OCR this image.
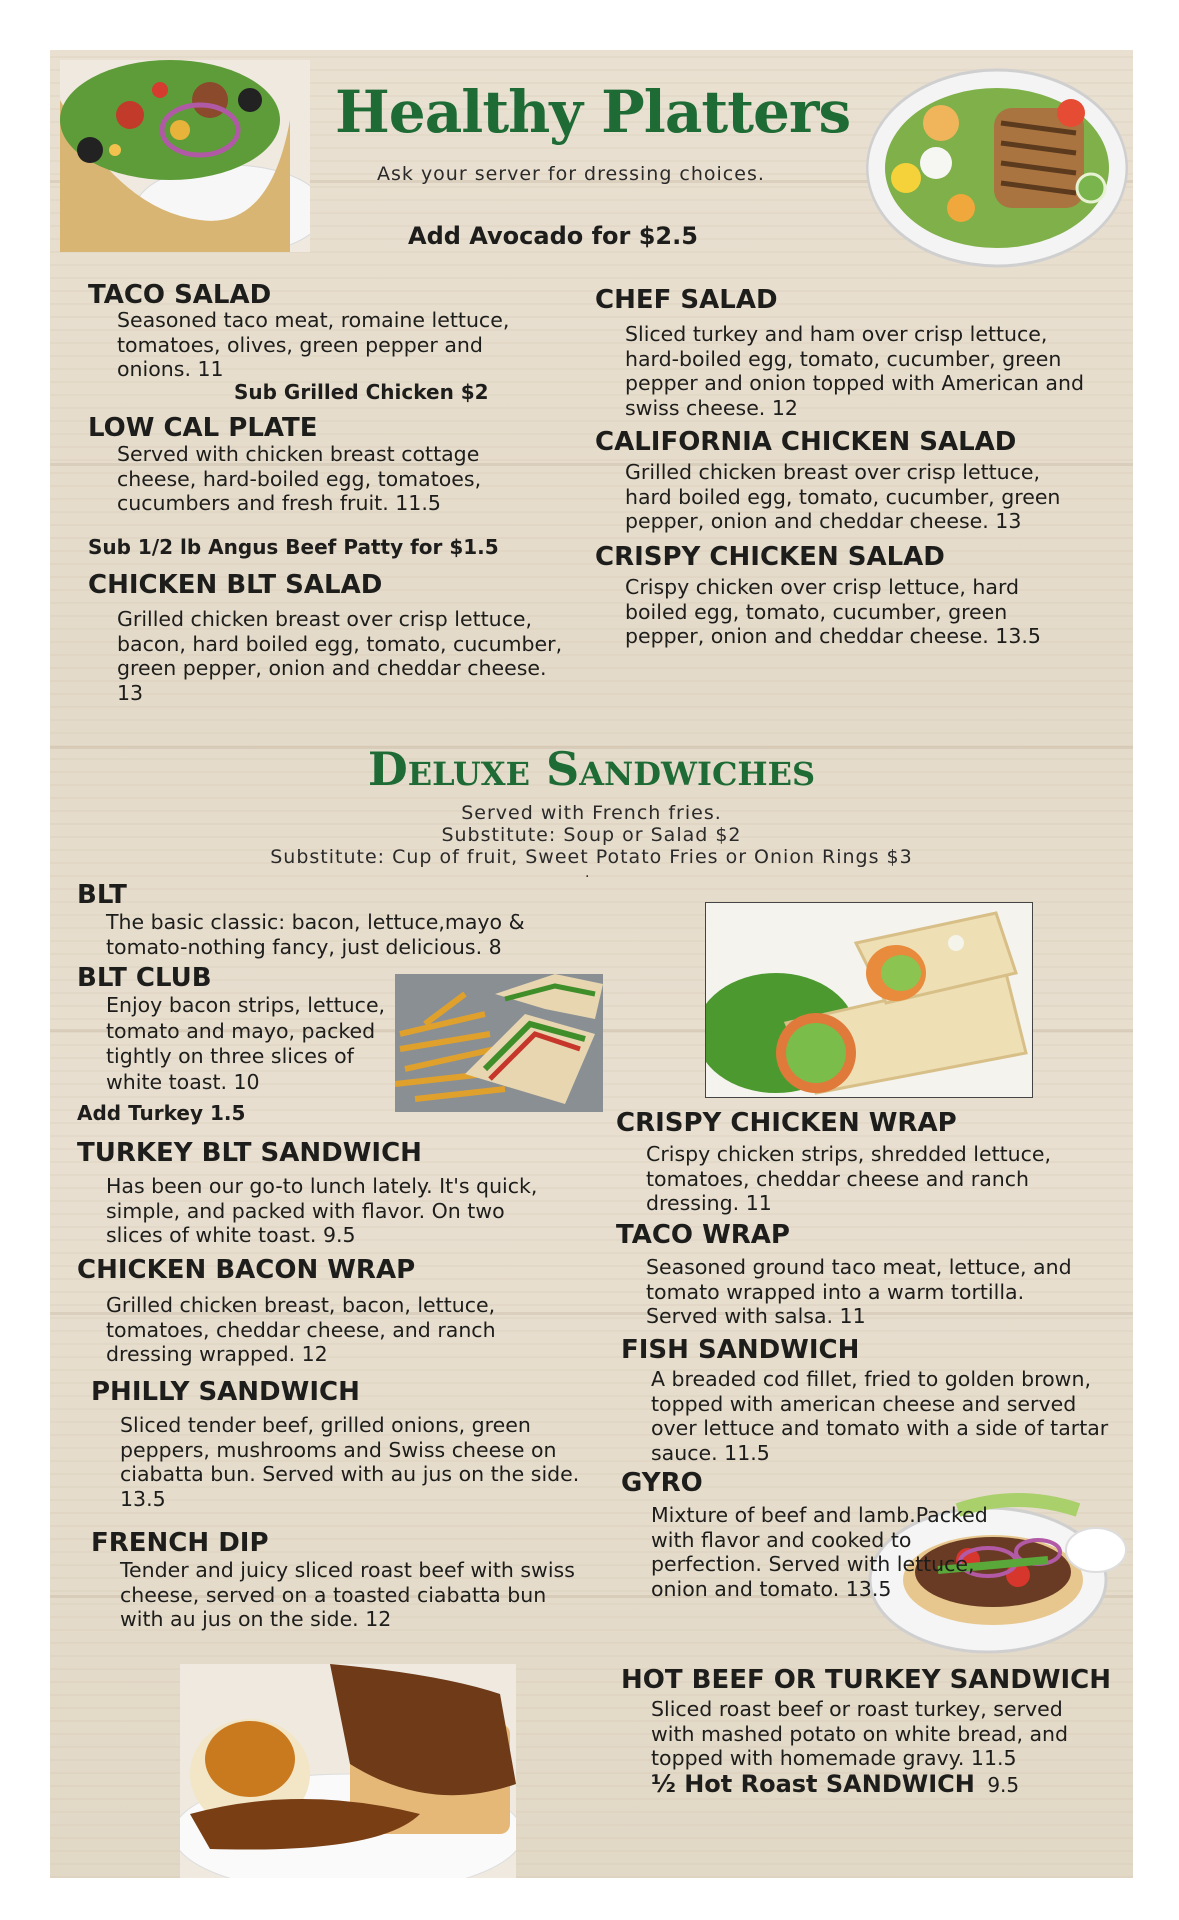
Healthy Platters
Ask your server for dressing choices.
Add Avocado for $2.5
TACO SALAD
Seasoned taco meat, romaine lettuce, tomatoes, olives, green pepper and onions. 11
Sub Grilled Chicken $2
LOW CAL PLATE
Served with chicken breast cottage cheese, hard-boiled egg, tomatoes, cucumbers and fresh fruit. 11.5
Sub 1/2 lb Angus Beef Patty for $1.5
CHICKEN BLT SALAD
Grilled chicken breast over crisp lettuce, bacon, hard boiled egg, tomato, cucumber, green pepper, onion and cheddar cheese. 13
CHEF SALAD
Sliced turkey and ham over crisp lettuce, hard-boiled egg, tomato, cucumber, green pepper and onion topped with American and swiss cheese. 12
CALIFORNIA CHICKEN SALAD
Grilled chicken breast over crisp lettuce, hard boiled egg, tomato, cucumber, green pepper, onion and cheddar cheese. 13
CRISPY CHICKEN SALAD
Crispy chicken over crisp lettuce, hard boiled egg, tomato, cucumber, green pepper, onion and cheddar cheese. 13.5
Deluxe Sandwiches
Served with French fries.
Substitute: Soup or Salad $2
Substitute: Cup of fruit, Sweet Potato Fries or Onion Rings $3
.
BLT
The basic classic: bacon, lettuce,mayo & tomato-nothing fancy, just delicious. 8
BLT CLUB
Enjoy bacon strips, lettuce, tomato and mayo, packed tightly on three slices of white toast. 10
Add Turkey 1.5
TURKEY BLT SANDWICH
Has been our go-to lunch lately. It's quick, simple, and packed with flavor. On two slices of white toast. 9.5
CHICKEN BACON WRAP
Grilled chicken breast, bacon, lettuce, tomatoes, cheddar cheese, and ranch dressing wrapped. 12
PHILLY SANDWICH
Sliced tender beef, grilled onions, green peppers, mushrooms and Swiss cheese on ciabatta bun. Served with au jus on the side. 13.5
FRENCH DIP
Tender and juicy sliced roast beef with swiss cheese, served on a toasted ciabatta bun with au jus on the side. 12
CRISPY CHICKEN WRAP
Crispy chicken strips, shredded lettuce, tomatoes, cheddar cheese and ranch dressing. 11
TACO WRAP
Seasoned ground taco meat, lettuce, and tomato wrapped into a warm tortilla. Served with salsa. 11
FISH SANDWICH
A breaded cod fillet, fried to golden brown, topped with american cheese and served over lettuce and tomato with a side of tartar sauce. 11.5
GYRO
Mixture of beef and lamb.Packed with flavor and cooked to perfection. Served with lettuce, onion and tomato. 13.5
HOT BEEF OR TURKEY SANDWICH
Sliced roast beef or roast turkey, served with mashed potato on white bread, and topped with homemade gravy. 11.5
½ Hot Roast SANDWICH 9.5
